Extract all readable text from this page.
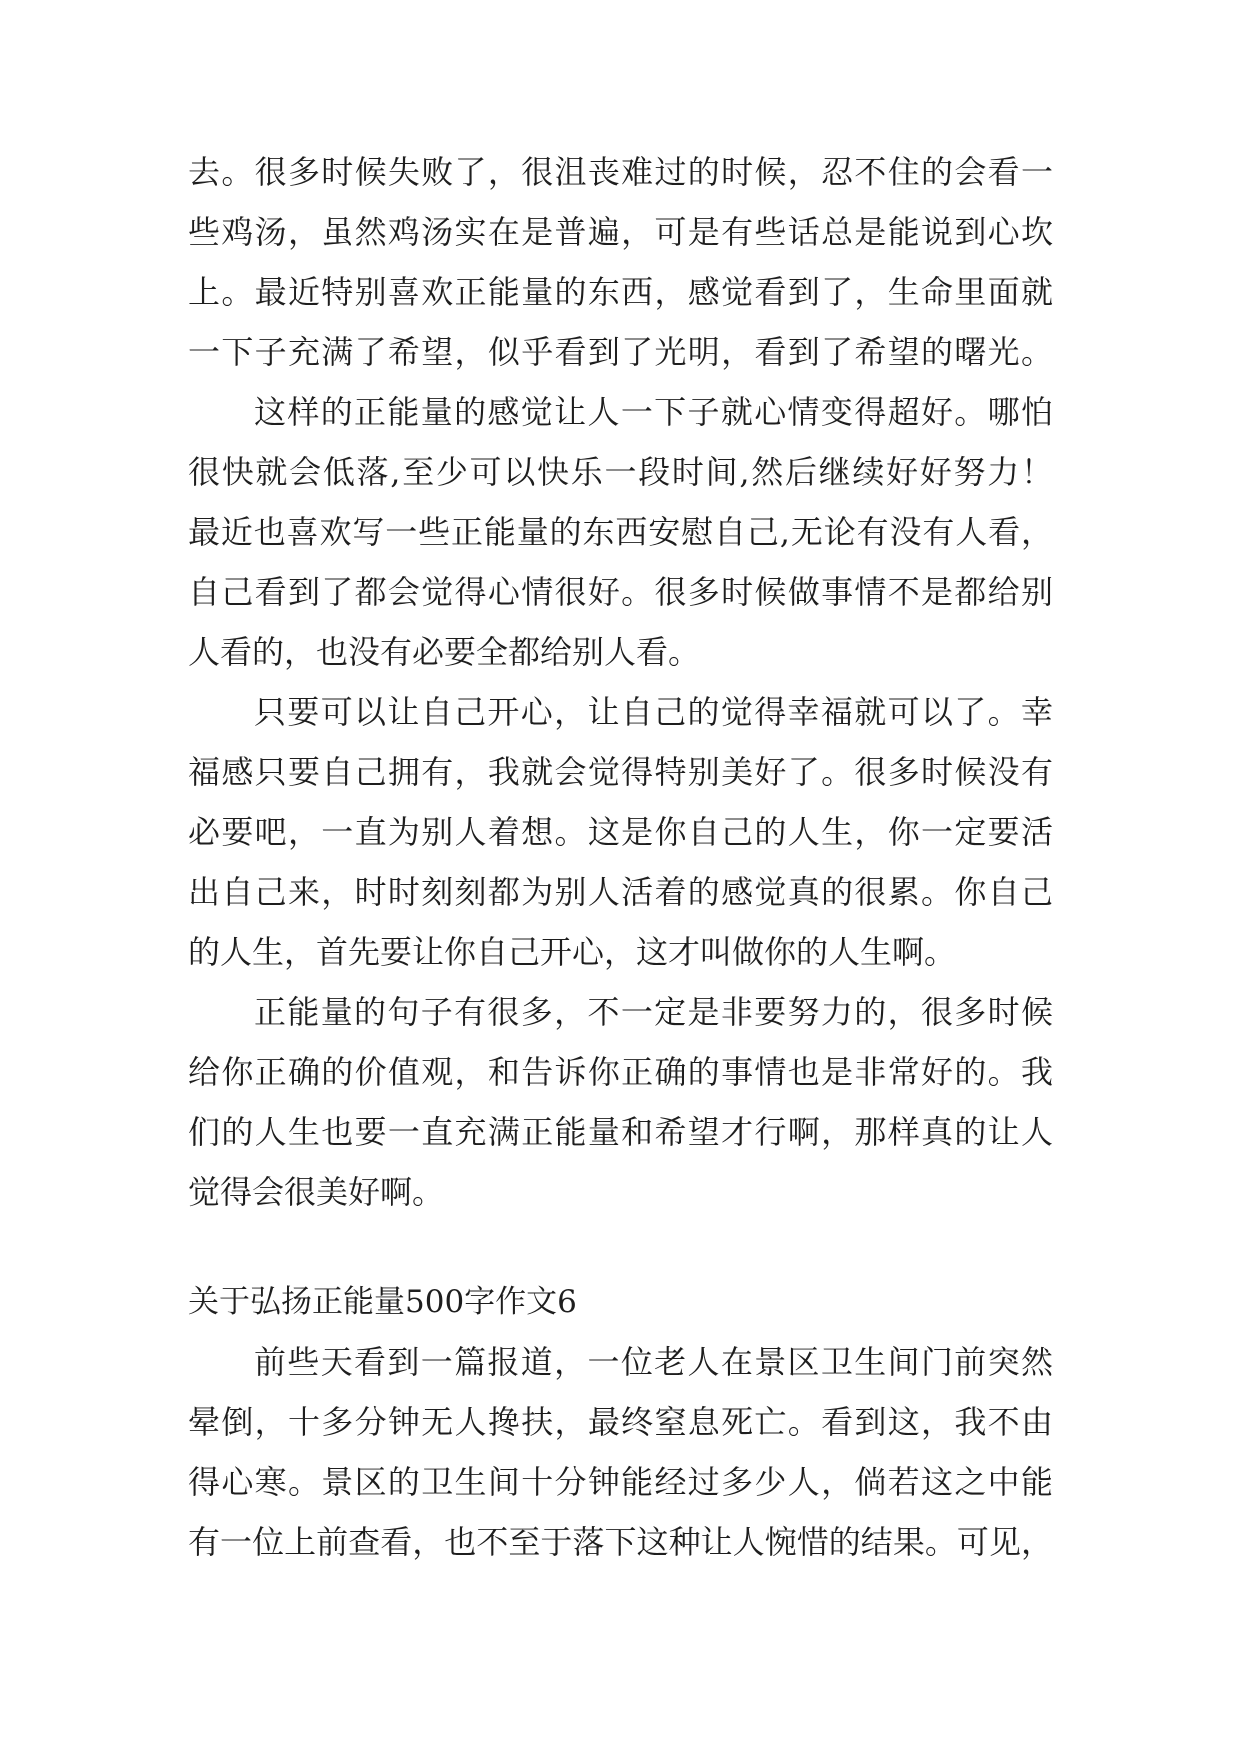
去。很多时候失败了，很沮丧难过的时候，忍不住的会看一
些鸡汤，虽然鸡汤实在是普遍，可是有些话总是能说到心坎
上。最近特别喜欢正能量的东西，感觉看到了，生命里面就
一下子充满了希望，似乎看到了光明，看到了希望的曙光。
这样的正能量的感觉让人一下子就心情变得超好。哪怕
很快就会低落,至少可以快乐一段时间,然后继续好好努力！
最近也喜欢写一些正能量的东西安慰自己,无论有没有人看，
自己看到了都会觉得心情很好。很多时候做事情不是都给别
人看的，也没有必要全都给别人看。
只要可以让自己开心，让自己的觉得幸福就可以了。幸
福感只要自己拥有，我就会觉得特别美好了。很多时候没有
必要吧，一直为别人着想。这是你自己的人生，你一定要活
出自己来，时时刻刻都为别人活着的感觉真的很累。你自己
的人生，首先要让你自己开心，这才叫做你的人生啊。
正能量的句子有很多，不一定是非要努力的，很多时候
给你正确的价值观，和告诉你正确的事情也是非常好的。我
们的人生也要一直充满正能量和希望才行啊，那样真的让人
觉得会很美好啊。
关于弘扬正能量500字作文6
前些天看到一篇报道，一位老人在景区卫生间门前突然
晕倒，十多分钟无人搀扶，最终窒息死亡。看到这，我不由
得心寒。景区的卫生间十分钟能经过多少人，倘若这之中能
有一位上前查看，也不至于落下这种让人惋惜的结果。可见，
